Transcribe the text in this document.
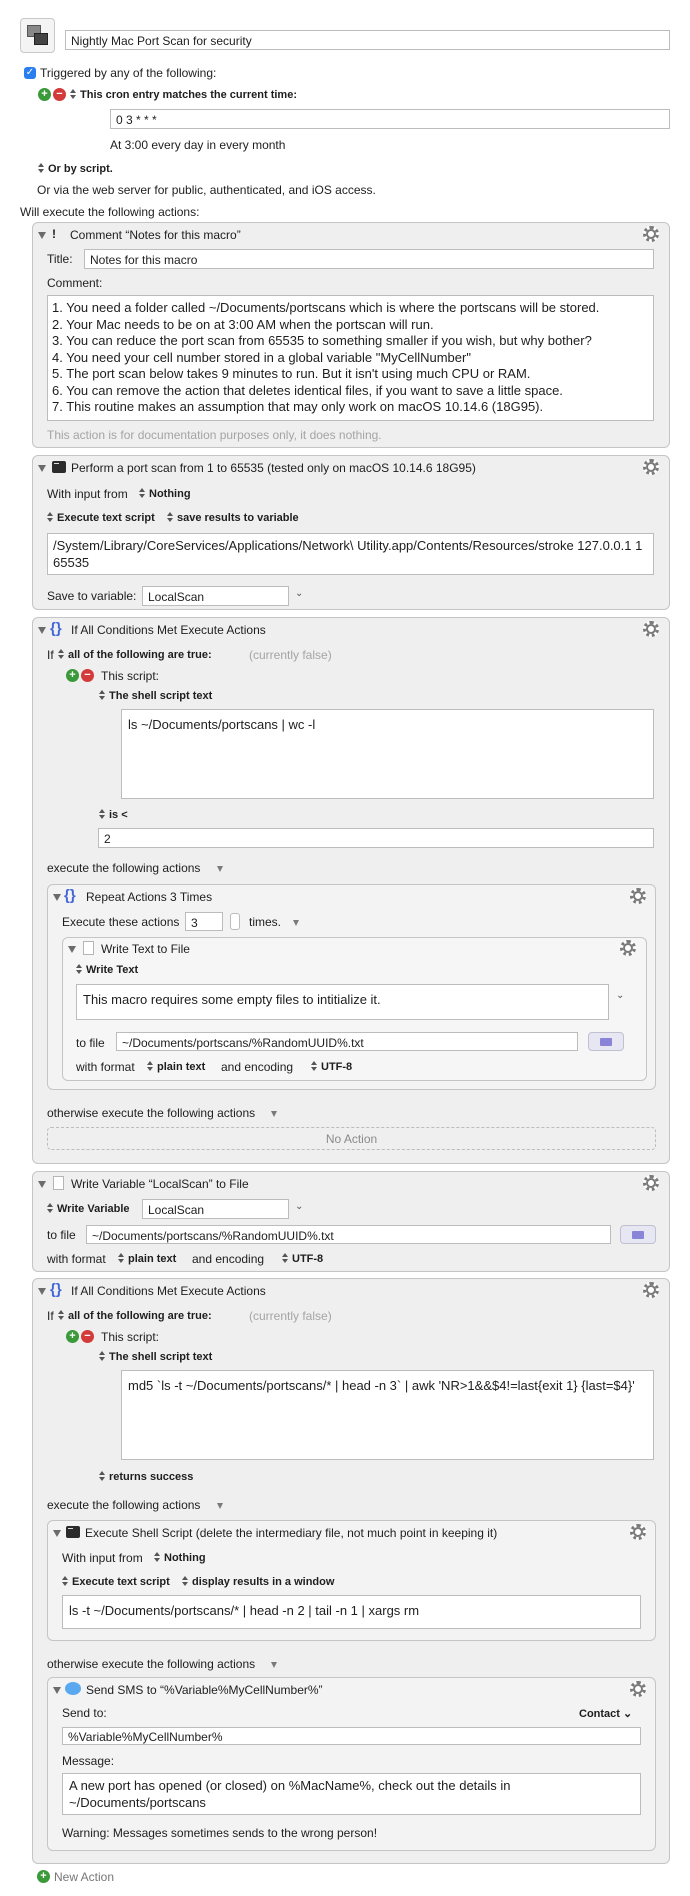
Nightly Mac Port Scan for security
✓ Triggered by any of the following:
+ −	This cron entry matches the current time:
0 3 * * *
At 3:00 every day in every month
Or by script.
Or via the web server for public, authenticated, and iOS access.
Will execute the following actions:
! Comment “Notes for this macro”
Title:	Notes for this macro
Comment:
1. You need a folder called ~/Documents/portscans which is where the portscans will be stored.
2. Your Mac needs to be on at 3:00 AM when the portscan will run.
3. You can reduce the port scan from 65535 to something smaller if you wish, but why bother?
4. You need your cell number stored in a global variable "MyCellNumber"
5. The port scan below takes 9 minutes to run. But it isn't using much CPU or RAM.
6. You can remove the action that deletes identical files, if you want to save a little space.
7. This routine makes an assumption that may only work on macOS 10.14.6 (18G95).
This action is for documentation purposes only, it does nothing.
Perform a port scan from 1 to 65535 (tested only on macOS 10.14.6 18G95)
With input from	Nothing
Execute text script	save results to variable
/System/Library/CoreServices/Applications/Network\ Utility.app/Contents/Resources/stroke 127.0.0.1 1 65535
Save to variable: LocalScan	⌄
{} If All Conditions Met Execute Actions
If	all of the following are true:	(currently false)
+ − This script:
The shell script text
ls ~/Documents/portscans | wc -l
is <
2
execute the following actions
{} Repeat Actions 3 Times
Execute these actions 3	times.
Write Text to File
Write Text
This macro requires some empty files to intitialize it.	⌄
to file	~/Documents/portscans/%RandomUUID%.txt
with format	plain text and encoding	UTF-8
otherwise execute the following actions
No Action
Write Variable “LocalScan” to File
Write Variable	LocalScan	⌄
to file	~/Documents/portscans/%RandomUUID%.txt
with format	plain text and encoding	UTF-8
{} If All Conditions Met Execute Actions
If	all of the following are true:	(currently false)
+ − This script:
The shell script text
md5 `ls -t ~/Documents/portscans/* | head -n 3` | awk 'NR>1&&$4!=last{exit 1} {last=$4}'
returns success
execute the following actions
Execute Shell Script (delete the intermediary file, not much point in keeping it)
With input from	Nothing
Execute text script	display results in a window
ls -t ~/Documents/portscans/* | head -n 2 | tail -n 1 | xargs rm
otherwise execute the following actions
Send SMS to “%Variable%MyCellNumber%”
Send to:	Contact ⌄
%Variable%MyCellNumber%
Message:
A new port has opened (or closed) on %MacName%, check out the details in ~/Documents/portscans
Warning: Messages sometimes sends to the wrong person!
+ New Action
